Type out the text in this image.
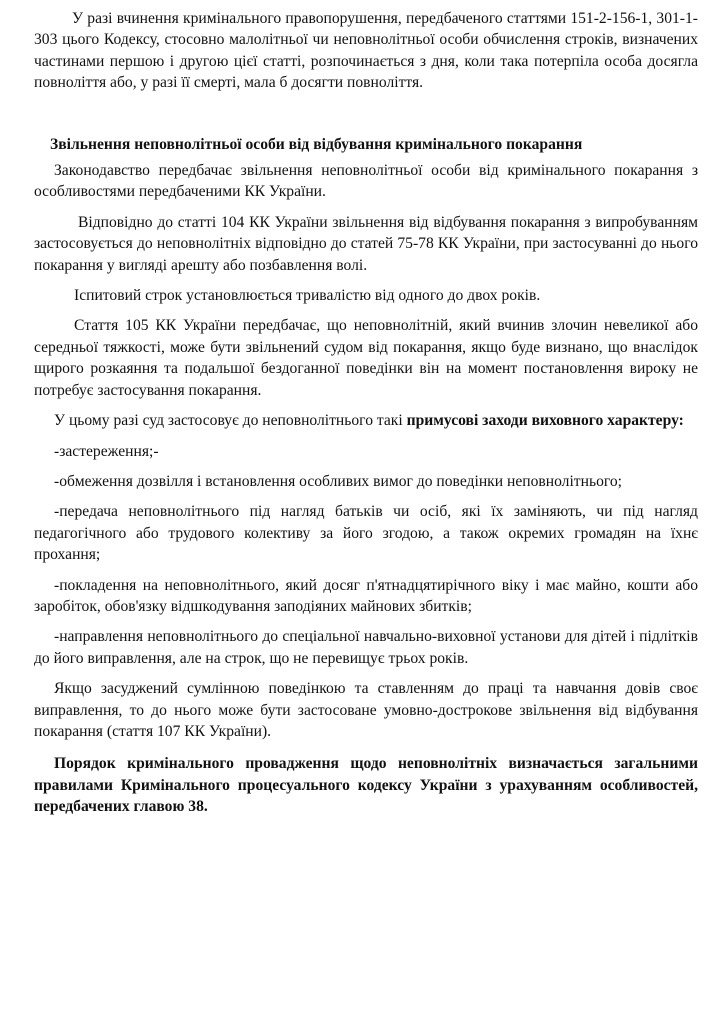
У разі вчинення кримінального правопорушення, передбаченого статтями 151-2-156-1, 301-1-303 цього Кодексу, стосовно малолітньої чи неповнолітньої особи обчислення строків, визначених частинами першою і другою цієї статті, розпочинається з дня, коли така потерпіла особа досягла повноліття або, у разі її смерті, мала б досягти повноліття.

Звільнення неповнолітньої особи від відбування кримінального покарання

Законодавство передбачає звільнення неповнолітньої особи від кримінального покарання з особливостями передбаченими КК України.

Відповідно до статті 104 КК України звільнення від відбування покарання з випробуванням застосовується до неповнолітніх відповідно до статей 75-78 КК України, при застосуванні до нього покарання у вигляді арешту або позбавлення волі.

Іспитовий строк установлюється тривалістю від одного до двох років.

Стаття 105 КК України передбачає, що неповнолітній, який вчинив злочин невеликої або середньої тяжкості, може бути звільнений судом від покарання, якщо буде визнано, що внаслідок щирого розкаяння та подальшої бездоганної поведінки він на момент постановлення вироку не потребує застосування покарання.

У цьому разі суд застосовує до неповнолітнього такі примусові заходи виховного характеру:

-застереження;-

-обмеження дозвілля і встановлення особливих вимог до поведінки неповнолітнього;

-передача неповнолітнього під нагляд батьків чи осіб, які їх заміняють, чи під нагляд педагогічного або трудового колективу за його згодою, а також окремих громадян на їхнє прохання;

-покладення на неповнолітнього, який досяг п'ятнадцятирічного віку і має майно, кошти або заробіток, обов'язку відшкодування заподіяних майнових збитків;

-направлення неповнолітнього до спеціальної навчально-виховної установи для дітей і підлітків до його виправлення, але на строк, що не перевищує трьох років.

Якщо засуджений сумлінною поведінкою та ставленням до праці та навчання довів своє виправлення, то до нього може бути застосоване умовно-дострокове звільнення від відбування покарання (стаття 107 КК України).

Порядок кримінального провадження щодо неповнолітніх визначається загальними правилами Кримінального процесуального кодексу України з урахуванням особливостей, передбачених главою 38.
